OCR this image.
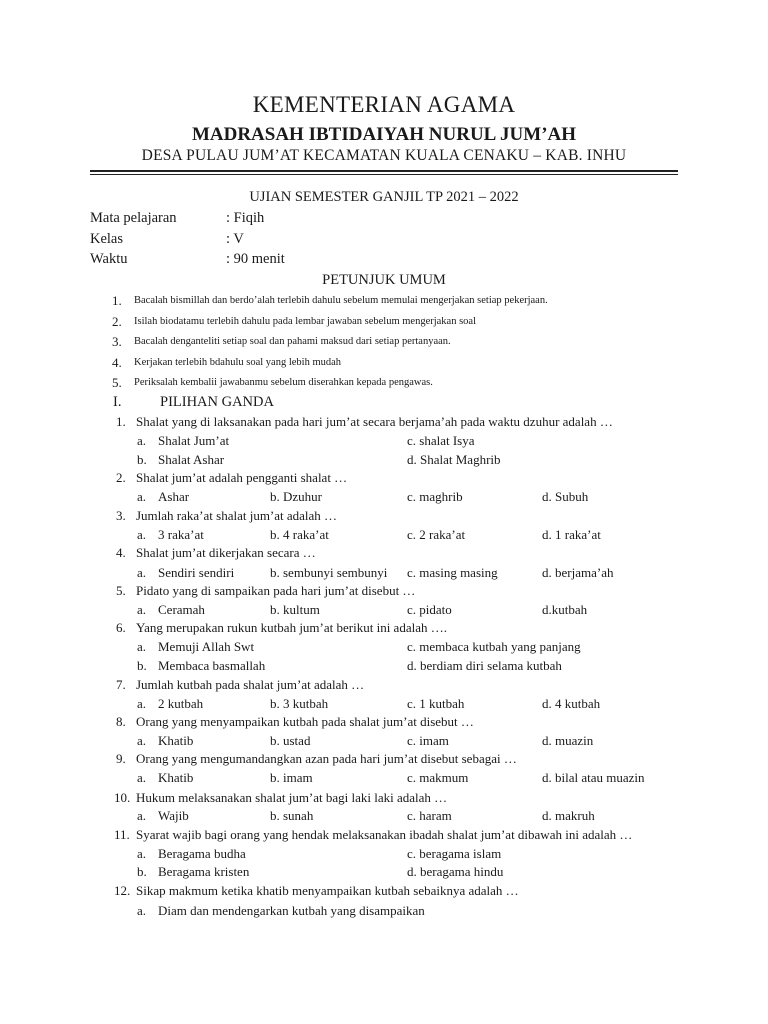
KEMENTERIAN AGAMA
MADRASAH IBTIDAIYAH NURUL JUM’AH
DESA PULAU JUM’AT KECAMATAN KUALA CENAKU – KAB. INHU
UJIAN SEMESTER GANJIL TP 2021 – 2022
Mata pelajaran	: Fiqih
Kelas	: V
Waktu	: 90 menit
PETUNJUK UMUM
1. Bacalah bismillah dan berdo’alah terlebih dahulu sebelum memulai mengerjakan setiap pekerjaan.
2. Isilah biodatamu terlebih dahulu pada lembar jawaban sebelum mengerjakan soal
3. Bacalah denganteliti setiap soal dan pahami maksud dari setiap pertanyaan.
4. Kerjakan terlebih bdahulu soal yang lebih mudah
5. Periksalah kembalii jawabanmu sebelum diserahkan kepada pengawas.
I.	PILIHAN GANDA
1. Shalat yang di laksanakan pada hari jum’at secara berjama’ah pada waktu dzuhur adalah …
a. Shalat Jum’at	c. shalat Isya
b. Shalat Ashar	d. Shalat Maghrib
2. Shalat jum’at adalah pengganti shalat …
a. Ashar	b. Dzuhur	c. maghrib	d. Subuh
3. Jumlah raka’at shalat jum’at adalah …
a. 3 raka’at	b. 4 raka’at	c. 2 raka’at	d. 1 raka’at
4. Shalat jum’at dikerjakan secara …
a. Sendiri sendiri	b. sembunyi sembunyi c. masing masing	d. berjama’ah
5. Pidato yang di sampaikan pada hari jum’at disebut …
a. Ceramah	b. kultum	c. pidato	d.kutbah
6. Yang merupakan rukun kutbah jum’at berikut ini adalah ….
a. Memuji Allah Swt	c. membaca kutbah yang panjang
b. Membaca basmallah	d. berdiam diri selama kutbah
7. Jumlah kutbah pada shalat jum’at adalah …
a. 2 kutbah	b. 3 kutbah	c. 1 kutbah	d. 4 kutbah
8. Orang yang menyampaikan kutbah pada shalat jum’at disebut …
a. Khatib	b. ustad	c. imam	d. muazin
9. Orang yang mengumandangkan azan pada hari jum’at disebut sebagai …
a. Khatib	b. imam	c. makmum	d. bilal atau muazin
10. Hukum melaksanakan shalat jum’at bagi laki laki adalah …
a. Wajib	b. sunah	c. haram	d. makruh
11. Syarat wajib bagi orang yang hendak melaksanakan ibadah shalat jum’at dibawah ini adalah …
a. Beragama budha	c. beragama islam
b. Beragama kristen	d. beragama hindu
12. Sikap makmum ketika khatib menyampaikan kutbah sebaiknya adalah …
a. Diam dan mendengarkan kutbah yang disampaikan
